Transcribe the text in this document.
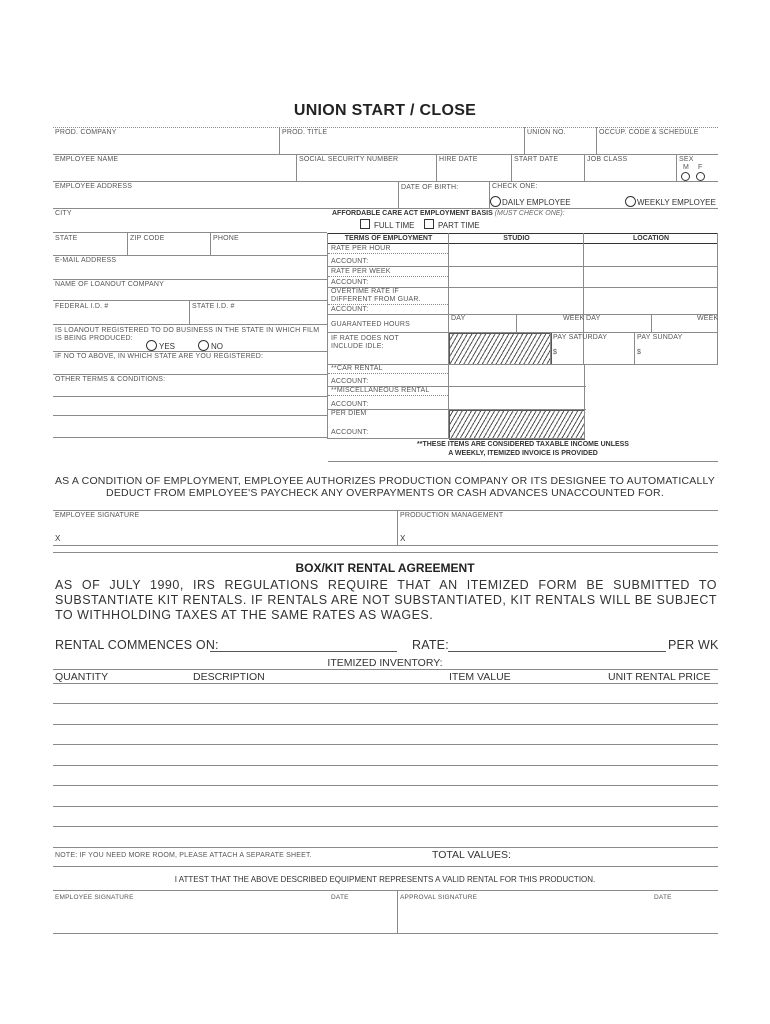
UNION START / CLOSE
PROD. COMPANY	PROD. TITLE	UNION NO.	OCCUP. CODE & SCHEDULE
EMPLOYEE NAME	SOCIAL SECURITY NUMBER	HIRE DATE	START DATE	JOB CLASS	SEX
M F
EMPLOYEE ADDRESS	DATE OF BIRTH:	CHECK ONE:
DAILY EMPLOYEE	WEEKLY EMPLOYEE
CITY
STATE	ZIP CODE	PHONE
E-MAIL ADDRESS
NAME OF LOANOUT COMPANY
FEDERAL I.D. #	STATE I.D. #
IS LOANOUT REGISTERED TO DO BUSINESS IN THE STATE IN WHICH FILM
IS BEING PRODUCED:
YES	NO
IF NO TO ABOVE, IN WHICH STATE ARE YOU REGISTERED:
OTHER TERMS & CONDITIONS:
AFFORDABLE CARE ACT EMPLOYMENT BASIS (MUST CHECK ONE):
FULL TIME	PART TIME
TERMS OF EMPLOYMENT	STUDIO	LOCATION
RATE PER HOUR
ACCOUNT:
RATE PER WEEK
ACCOUNT:
OVERTIME RATE IF
DIFFERENT FROM GUAR.
ACCOUNT:
DAY	WEEK DAY	WEEK
GUARANTEED HOURS
IF RATE DOES NOT
INCLUDE IDLE:
PAY SATURDAY	PAY SUNDAY
$	$
**CAR RENTAL
ACCOUNT:
**MISCELLANEOUS RENTAL
ACCOUNT:
PER DIEM
ACCOUNT:
**THESE ITEMS ARE CONSIDERED TAXABLE INCOME UNLESS
A WEEKLY, ITEMIZED INVOICE IS PROVIDED
AS A CONDITION OF EMPLOYMENT, EMPLOYEE AUTHORIZES PRODUCTION COMPANY OR ITS DESIGNEE TO AUTOMATICALLY
DEDUCT FROM EMPLOYEE'S PAYCHECK ANY OVERPAYMENTS OR CASH ADVANCES UNACCOUNTED FOR.
EMPLOYEE SIGNATURE	PRODUCTION MANAGEMENT
X	X
BOX/KIT RENTAL AGREEMENT
AS OF JULY 1990, IRS REGULATIONS REQUIRE THAT AN ITEMIZED FORM BE SUBMITTED TO SUBSTANTIATE KIT RENTALS. IF RENTALS ARE NOT SUBSTANTIATED, KIT RENTALS WILL BE SUBJECT TO WITHHOLDING TAXES AT THE SAME RATES AS WAGES.
RENTAL COMMENCES ON:	RATE:	PER WK
ITEMIZED INVENTORY:
QUANTITY	DESCRIPTION	ITEM VALUE	UNIT RENTAL PRICE
NOTE: IF YOU NEED MORE ROOM, PLEASE ATTACH A SEPARATE SHEET.	TOTAL VALUES:
I ATTEST THAT THE ABOVE DESCRIBED EQUIPMENT REPRESENTS A VALID RENTAL FOR THIS PRODUCTION.
EMPLOYEE SIGNATURE	DATE	APPROVAL SIGNATURE	DATE
